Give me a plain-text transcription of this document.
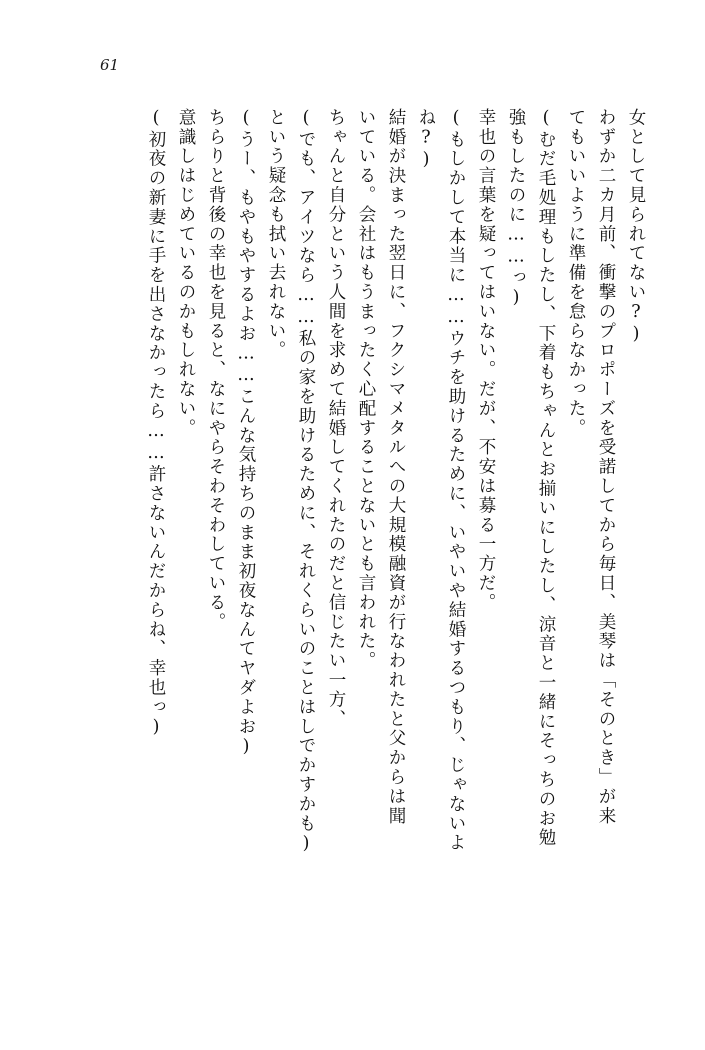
61
女として見られてない?)
わずか二カ月前、衝撃のプロポーズを受諾してから毎日、美琴は「そのとき」が来
てもいいように準備を怠らなかった。
(むだ毛処理もしたし、下着もちゃんとお揃いにしたし、涼音と一緒にそっちのお勉
強もしたのに……っ)
幸也の言葉を疑ってはいない。だが、不安は募る一方だ。
(もしかして本当に……ウチを助けるために、いやいや結婚するつもり、じゃないよ
ね?)
結婚が決まった翌日に、フクシマメタルへの大規模融資が行なわれたと父からは聞
いている。会社はもうまったく心配することないとも言われた。
ちゃんと自分という人間を求めて結婚してくれたのだと信じたい一方、
(でも、アイツなら……私の家を助けるために、それくらいのことはしでかすかも)
という疑念も拭い去れない。
(うー、もやもやするよお……こんな気持ちのまま初夜なんてヤダよお)
ちらりと背後の幸也を見ると、なにやらそわそわしている。
意識しはじめているのかもしれない。
(初夜の新妻に手を出さなかったら……許さないんだからね、幸也っ)
